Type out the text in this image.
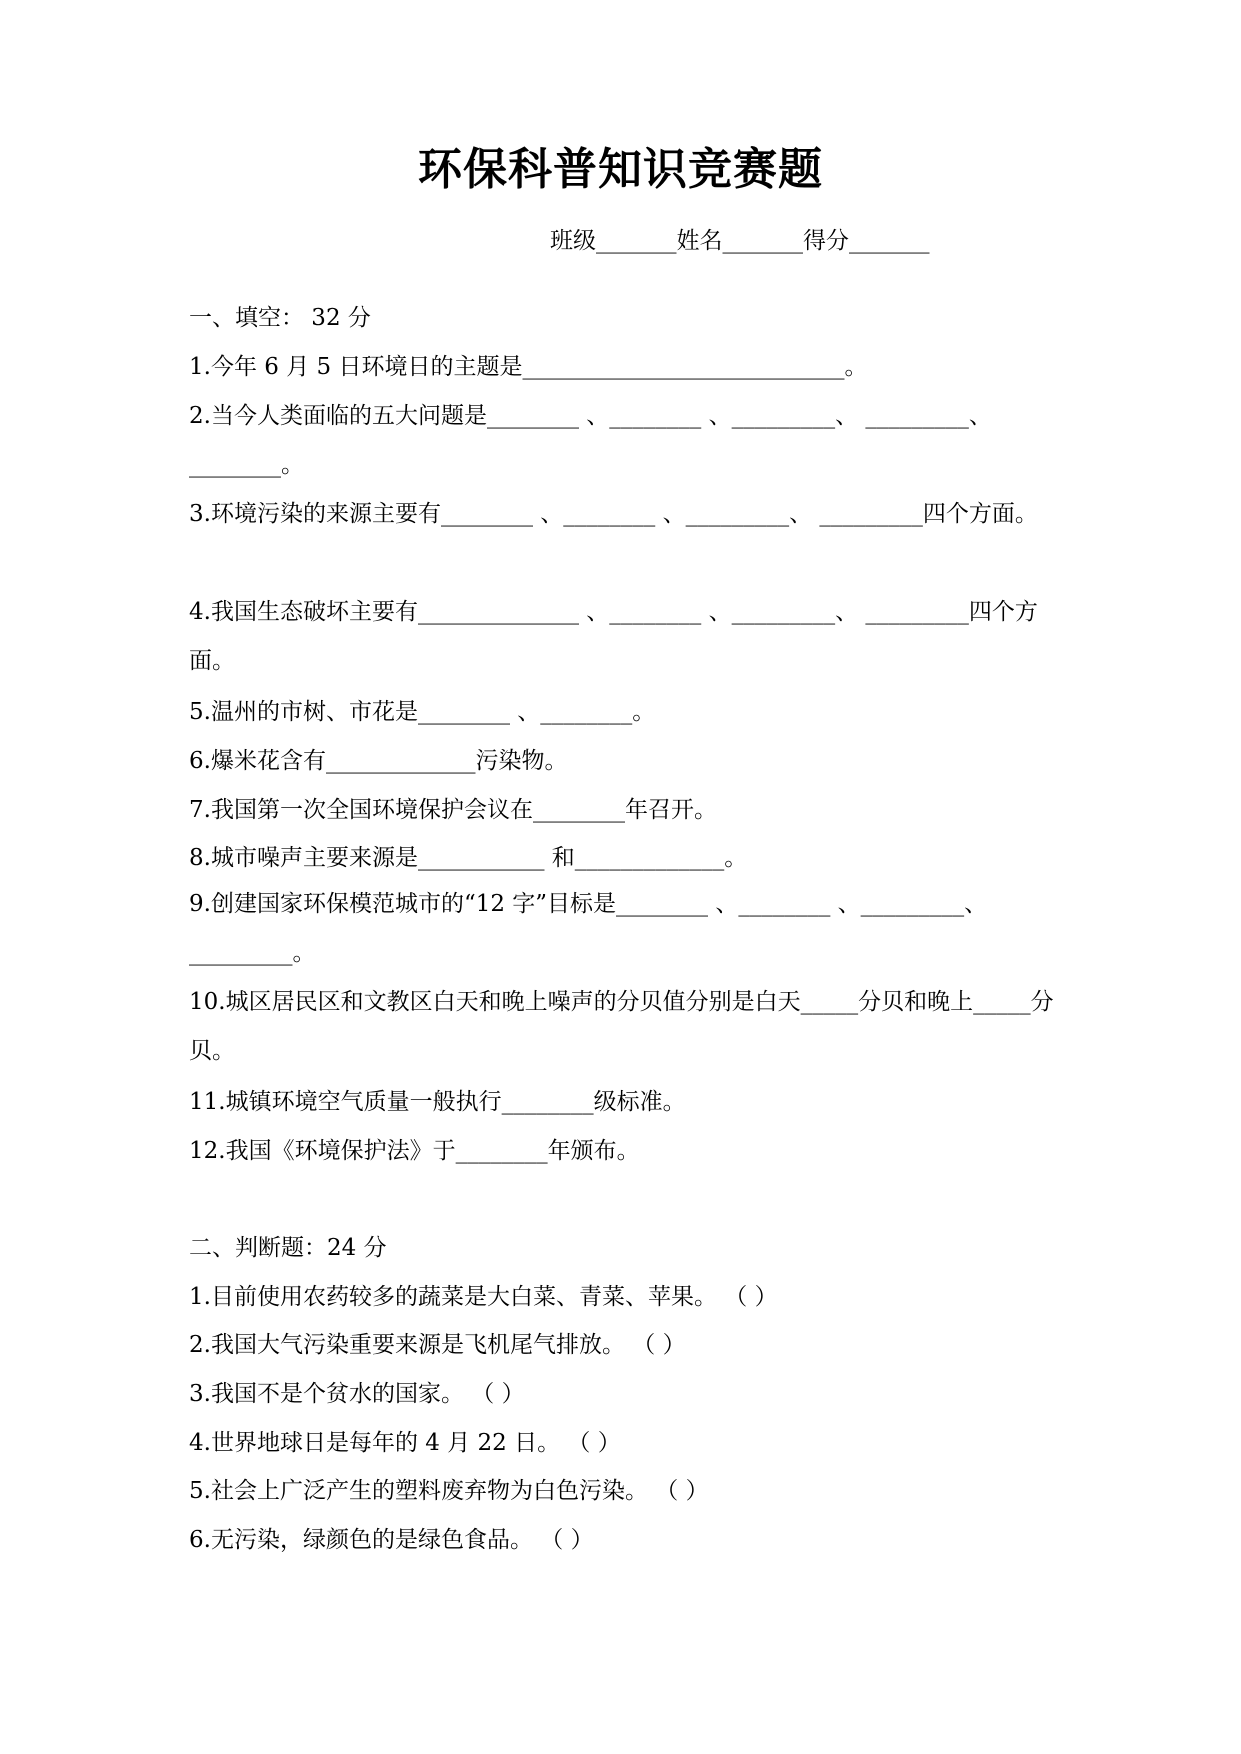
环保科普知识竞赛题
班级_______姓名_______得分_______
一、填空： 32 分
1.今年 6 月 5 日环境日的主题是____________________________。
2.当今人类面临的五大问题是________ 、________ 、_________、 _________、 ________。
3.环境污染的来源主要有________ 、________ 、_________、 _________四个方面。
4.我国生态破坏主要有______________ 、________ 、_________、 _________四个方面。
5.温州的市树、市花是________ 、________。
6.爆米花含有_____________污染物。
7.我国第一次全国环境保护会议在________年召开。
8.城市噪声主要来源是___________ 和_____________。
9.创建国家环保模范城市的“12 字”目标是________ 、________ 、_________、 _________。
10.城区居民区和文教区白天和晚上噪声的分贝值分别是白天_____分贝和晚上_____分贝。
11.城镇环境空气质量一般执行________级标准。
12.我国《环境保护法》于________年颁布。
二、判断题：24 分
1.目前使用农药较多的蔬菜是大白菜、青菜、苹果。 （ ）
2.我国大气污染重要来源是飞机尾气排放。 （ ）
3.我国不是个贫水的国家。 （ ）
4.世界地球日是每年的 4 月 22 日。 （ ）
5.社会上广泛产生的塑料废弃物为白色污染。 （ ）
6.无污染，绿颜色的是绿色食品。 （ ）
